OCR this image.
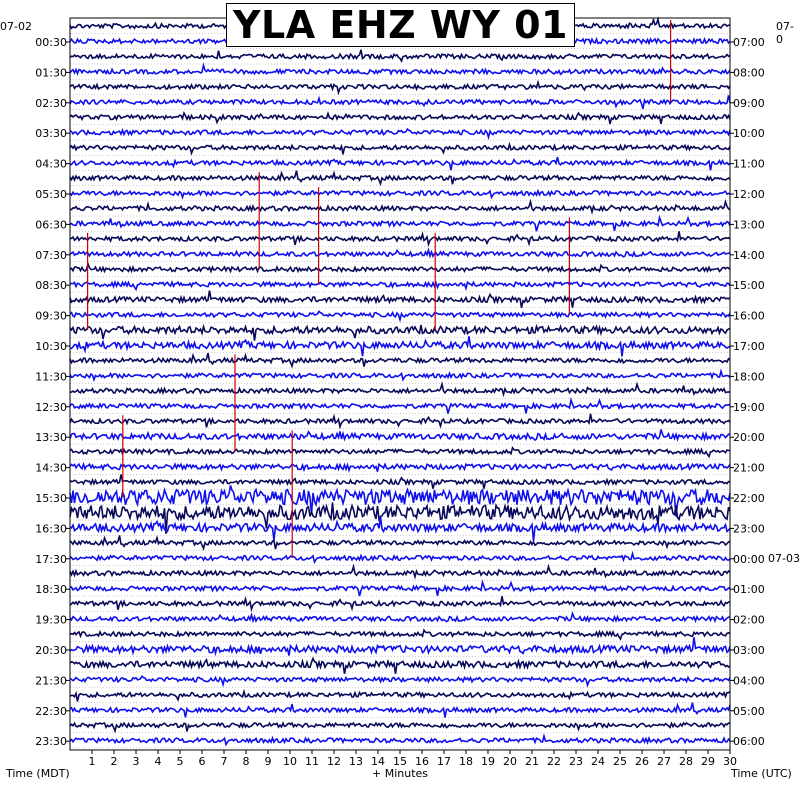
1 2 3 4 5 6 7 8 9 10 11 12 13 14 15 16 17 18 19 20 21 22 23 24 25 26 27 28 29 30
00:30
01:30
02:30
03:30
04:30
05:30
06:30
07:30
08:30
09:30
10:30
11:30
12:30
13:30
14:30
15:30
16:30
17:30
18:30
19:30
20:30
21:30
22:30
23:30
07:00
08:00
09:00
10:00
11:00
12:00
13:00
14:00
15:00
16:00
17:00
18:00
19:00
20:00
21:00
22:00
23:00
00:00
01:00
02:00
03:00
04:00
05:00
06:00
YLA EHZ WY 01
07-02	07-0
07-03
Time (MDT)	+ Minutes	Time (UTC)
